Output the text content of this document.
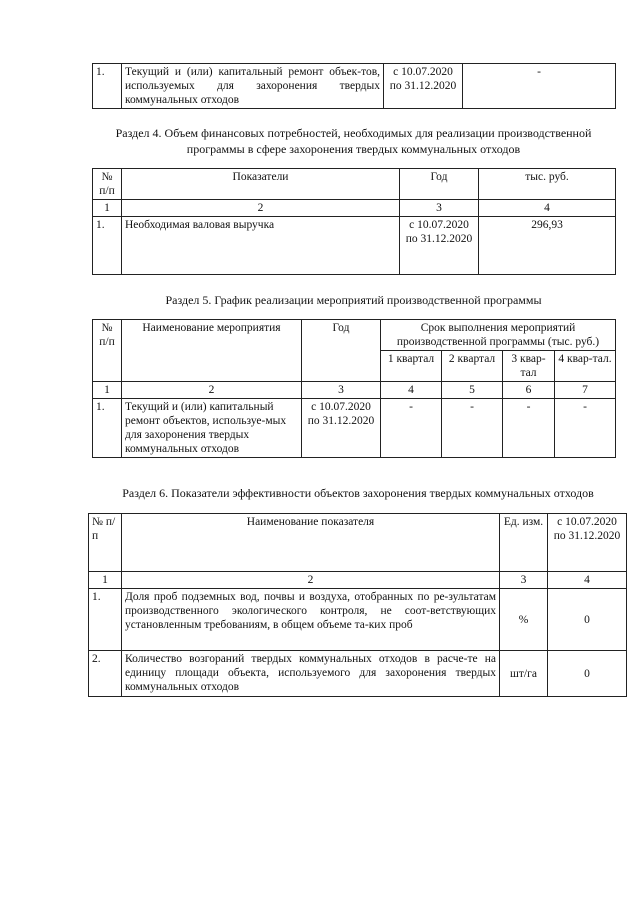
1.	Текущий и (или) капитальный ремонт объек-тов, используемых для захоронения твердых коммунальных отходов	с 10.07.2020 по 31.12.2020	-
Раздел 4. Объем финансовых потребностей, необходимых для реализации производственной программы в сфере захоронения твердых коммунальных отходов
№ п/п	Показатели	Год	тыс. руб.
1	2	3	4
1.	Необходимая валовая выручка	с 10.07.2020 по 31.12.2020	296,93
Раздел 5. График реализации мероприятий производственной программы
№ п/п	Наименование мероприятия	Год	Срок выполнения мероприятий производственной программы (тыс. руб.)			
			1 квартал	2 квартал	3 квар-тал	4 квар-тал.
1	2	3	4	5	6	7
1.	Текущий и (или) капитальный ремонт объектов, используе-мых для захоронения твердых коммунальных отходов	с 10.07.2020 по 31.12.2020	-	-	-	-
Раздел 6. Показатели эффективности объектов захоронения твердых коммунальных отходов
№ п/п	Наименование показателя	Ед. изм.	с 10.07.2020 по 31.12.2020
1	2	3	4
1.	Доля проб подземных вод, почвы и воздуха, отобранных по ре-зультатам производственного экологического контроля, не соот-ветствующих установленным требованиям, в общем объеме та-ких проб	%	0
2.	Количество возгораний твердых коммунальных отходов в расче-те на единицу площади объекта, используемого для захоронения твердых коммунальных отходов	шт/га	0
